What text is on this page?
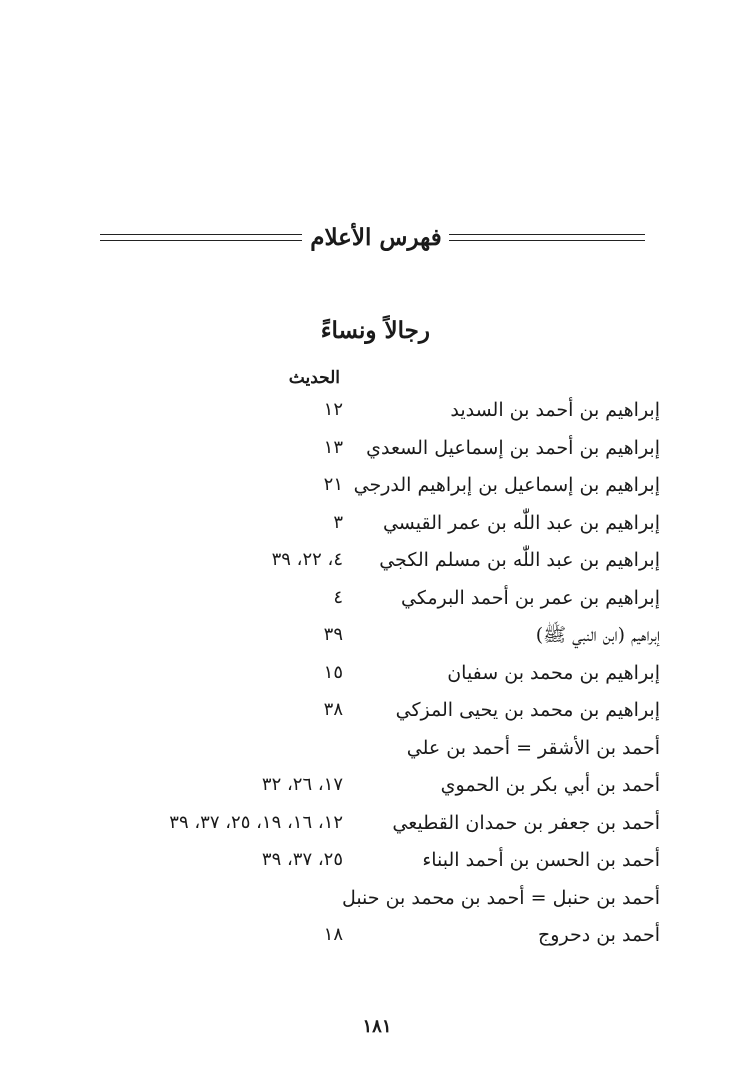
فهرس الأعلام
رجالاً ونساءً
الحديث
إبراهيم بن أحمد بن السديد
١٢
إبراهيم بن أحمد بن إسماعيل السعدي
١٣
إبراهيم بن إسماعيل بن إبراهيم الدرجي
٢١
إبراهيم بن عبد اللّٰه بن عمر القيسي
٣
إبراهيم بن عبد اللّٰه بن مسلم الكجي
٤، ٢٢، ٣٩
إبراهيم بن عمر بن أحمد البرمكي
٤
إبراهيم (ابن النبي ﷺ)
٣٩
إبراهيم بن محمد بن سفيان
١٥
إبراهيم بن محمد بن يحيى المزكي
٣٨
أحمد بن الأشقر = أحمد بن علي
أحمد بن أبي بكر بن الحموي
١٧، ٢٦، ٣٢
أحمد بن جعفر بن حمدان القطيعي
١٢، ١٦، ١٩، ٢٥، ٣٧، ٣٩
أحمد بن الحسن بن أحمد البناء
٢٥، ٣٧، ٣٩
أحمد بن حنبل = أحمد بن محمد بن حنبل
أحمد بن دحروج
١٨
١٨١
